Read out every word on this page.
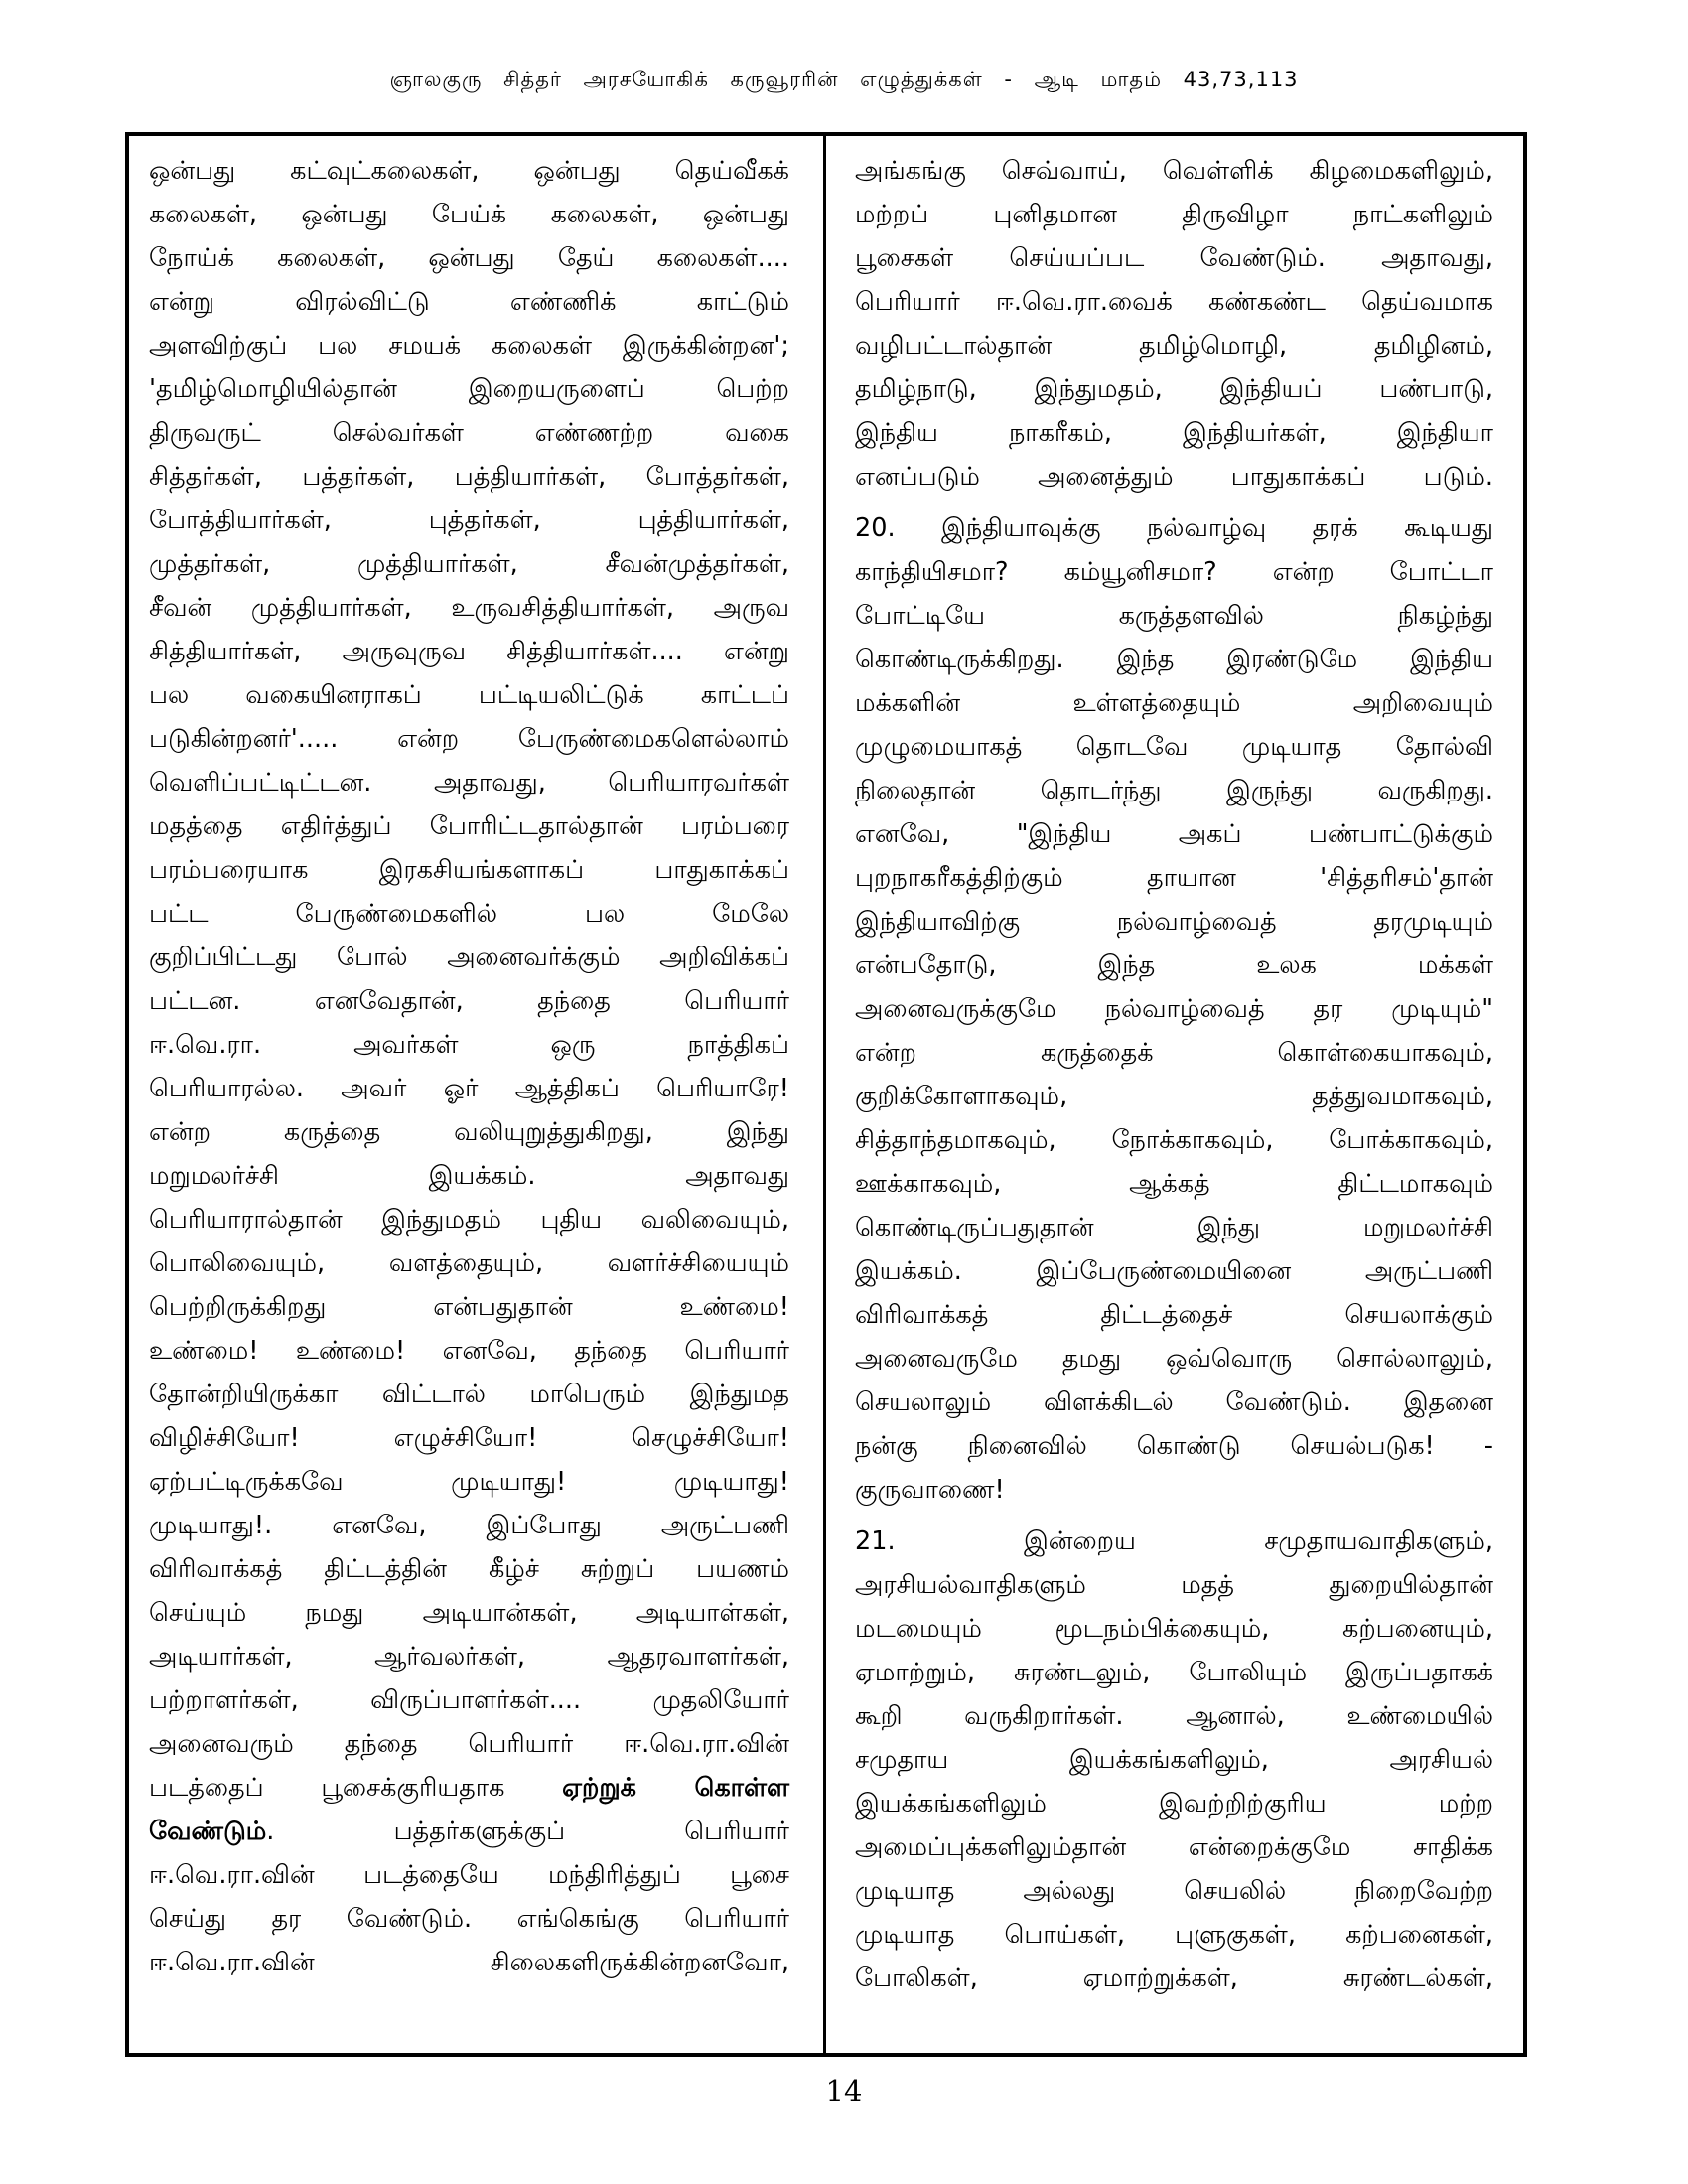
ஞாலகுரு சித்தர் அரசயோகிக் கருவூரரின் எழுத்துக்கள் - ஆடி மாதம் 43,73,113
ஒன்பது கட்வுட்கலைகள், ஒன்பது தெய்வீகக்
கலைகள், ஒன்பது பேய்க் கலைகள், ஒன்பது
நோய்க் கலைகள், ஒன்பது தேய் கலைகள்....
என்று விரல்விட்டு எண்ணிக் காட்டும்
அளவிற்குப் பல சமயக் கலைகள் இருக்கின்றன';
'தமிழ்மொழியில்தான் இறையருளைப் பெற்ற
திருவருட் செல்வர்கள் எண்ணற்ற வகை
சித்தர்கள், பத்தர்கள், பத்தியார்கள், போத்தர்கள்,
போத்தியார்கள், புத்தர்கள், புத்தியார்கள்,
முத்தர்கள், முத்தியார்கள், சீவன்முத்தர்கள்,
சீவன் முத்தியார்கள், உருவசித்தியார்கள், அருவ
சித்தியார்கள், அருவுருவ சித்தியார்கள்.... என்று
பல வகையினராகப் பட்டியலிட்டுக் காட்டப்
படுகின்றனர்'..... என்ற பேருண்மைகளெல்லாம்
வெளிப்பட்டிட்டன. அதாவது, பெரியாரவர்கள்
மதத்தை எதிர்த்துப் போரிட்டதால்தான் பரம்பரை
பரம்பரையாக இரகசியங்களாகப் பாதுகாக்கப்
பட்ட பேருண்மைகளில் பல மேலே
குறிப்பிட்டது போல் அனைவர்க்கும் அறிவிக்கப்
பட்டன. எனவேதான், தந்தை பெரியார்
ஈ.வெ.ரா. அவர்கள் ஒரு நாத்திகப்
பெரியாரல்ல. அவர் ஓர் ஆத்திகப் பெரியாரே!
என்ற கருத்தை வலியுறுத்துகிறது, இந்து
மறுமலர்ச்சி இயக்கம். அதாவது
பெரியாரால்தான் இந்துமதம் புதிய வலிவையும்,
பொலிவையும், வளத்தையும், வளர்ச்சியையும்
பெற்றிருக்கிறது என்பதுதான் உண்மை!
உண்மை! உண்மை! எனவே, தந்தை பெரியார்
தோன்றியிருக்கா விட்டால் மாபெரும் இந்துமத
விழிச்சியோ! எழுச்சியோ! செழுச்சியோ!
ஏற்பட்டிருக்கவே முடியாது! முடியாது!
முடியாது!. எனவே, இப்போது அருட்பணி
விரிவாக்கத் திட்டத்தின் கீழ்ச் சுற்றுப் பயணம்
செய்யும் நமது அடியான்கள், அடியாள்கள்,
அடியார்கள், ஆர்வலர்கள், ஆதரவாளர்கள்,
பற்றாளர்கள், விருப்பாளர்கள்.... முதலியோர்
அனைவரும் தந்தை பெரியார் ஈ.வெ.ரா.வின்
படத்தைப் பூசைக்குரியதாக ஏற்றுக் கொள்ள
வேண்டும். பத்தர்களுக்குப் பெரியார்
ஈ.வெ.ரா.வின் படத்தையே மந்திரித்துப் பூசை
செய்து தர வேண்டும். எங்கெங்கு பெரியார்
ஈ.வெ.ரா.வின் சிலைகளிருக்கின்றனவோ,
அங்கங்கு செவ்வாய், வெள்ளிக் கிழமைகளிலும்,
மற்றப் புனிதமான திருவிழா நாட்களிலும்
பூசைகள் செய்யப்பட வேண்டும். அதாவது,
பெரியார் ஈ.வெ.ரா.வைக் கண்கண்ட தெய்வமாக
வழிபட்டால்தான் தமிழ்மொழி, தமிழினம்,
தமிழ்நாடு, இந்துமதம், இந்தியப் பண்பாடு,
இந்திய நாகரீகம், இந்தியர்கள், இந்தியா
எனப்படும் அனைத்தும் பாதுகாக்கப் படும்.
20. இந்தியாவுக்கு நல்வாழ்வு தரக் கூடியது
காந்தியிசமா? கம்யூனிசமா? என்ற போட்டா
போட்டியே கருத்தளவில் நிகழ்ந்து
கொண்டிருக்கிறது. இந்த இரண்டுமே இந்திய
மக்களின் உள்ளத்தையும் அறிவையும்
முழுமையாகத் தொடவே முடியாத தோல்வி
நிலைதான் தொடர்ந்து இருந்து வருகிறது.
எனவே, "இந்திய அகப் பண்பாட்டுக்கும்
புறநாகரீகத்திற்கும் தாயான 'சித்தரிசம்'தான்
இந்தியாவிற்கு நல்வாழ்வைத் தரமுடியும்
என்பதோடு, இந்த உலக மக்கள்
அனைவருக்குமே நல்வாழ்வைத் தர முடியும்"
என்ற கருத்தைக் கொள்கையாகவும்,
குறிக்கோளாகவும், தத்துவமாகவும்,
சித்தாந்தமாகவும், நோக்காகவும், போக்காகவும்,
ஊக்காகவும், ஆக்கத் திட்டமாகவும்
கொண்டிருப்பதுதான் இந்து மறுமலர்ச்சி
இயக்கம். இப்பேருண்மையினை அருட்பணி
விரிவாக்கத் திட்டத்தைச் செயலாக்கும்
அனைவருமே தமது ஒவ்வொரு சொல்லாலும்,
செயலாலும் விளக்கிடல் வேண்டும். இதனை
நன்கு நினைவில் கொண்டு செயல்படுக! -
குருவாணை!
21. இன்றைய சமுதாயவாதிகளும்,
அரசியல்வாதிகளும் மதத் துறையில்தான்
மடமையும் மூடநம்பிக்கையும், கற்பனையும்,
ஏமாற்றும், சுரண்டலும், போலியும் இருப்பதாகக்
கூறி வருகிறார்கள். ஆனால், உண்மையில்
சமுதாய இயக்கங்களிலும், அரசியல்
இயக்கங்களிலும் இவற்றிற்குரிய மற்ற
அமைப்புக்களிலும்தான் என்றைக்குமே சாதிக்க
முடியாத அல்லது செயலில் நிறைவேற்ற
முடியாத பொய்கள், புளுகுகள், கற்பனைகள்,
போலிகள், ஏமாற்றுக்கள், சுரண்டல்கள்,
14
